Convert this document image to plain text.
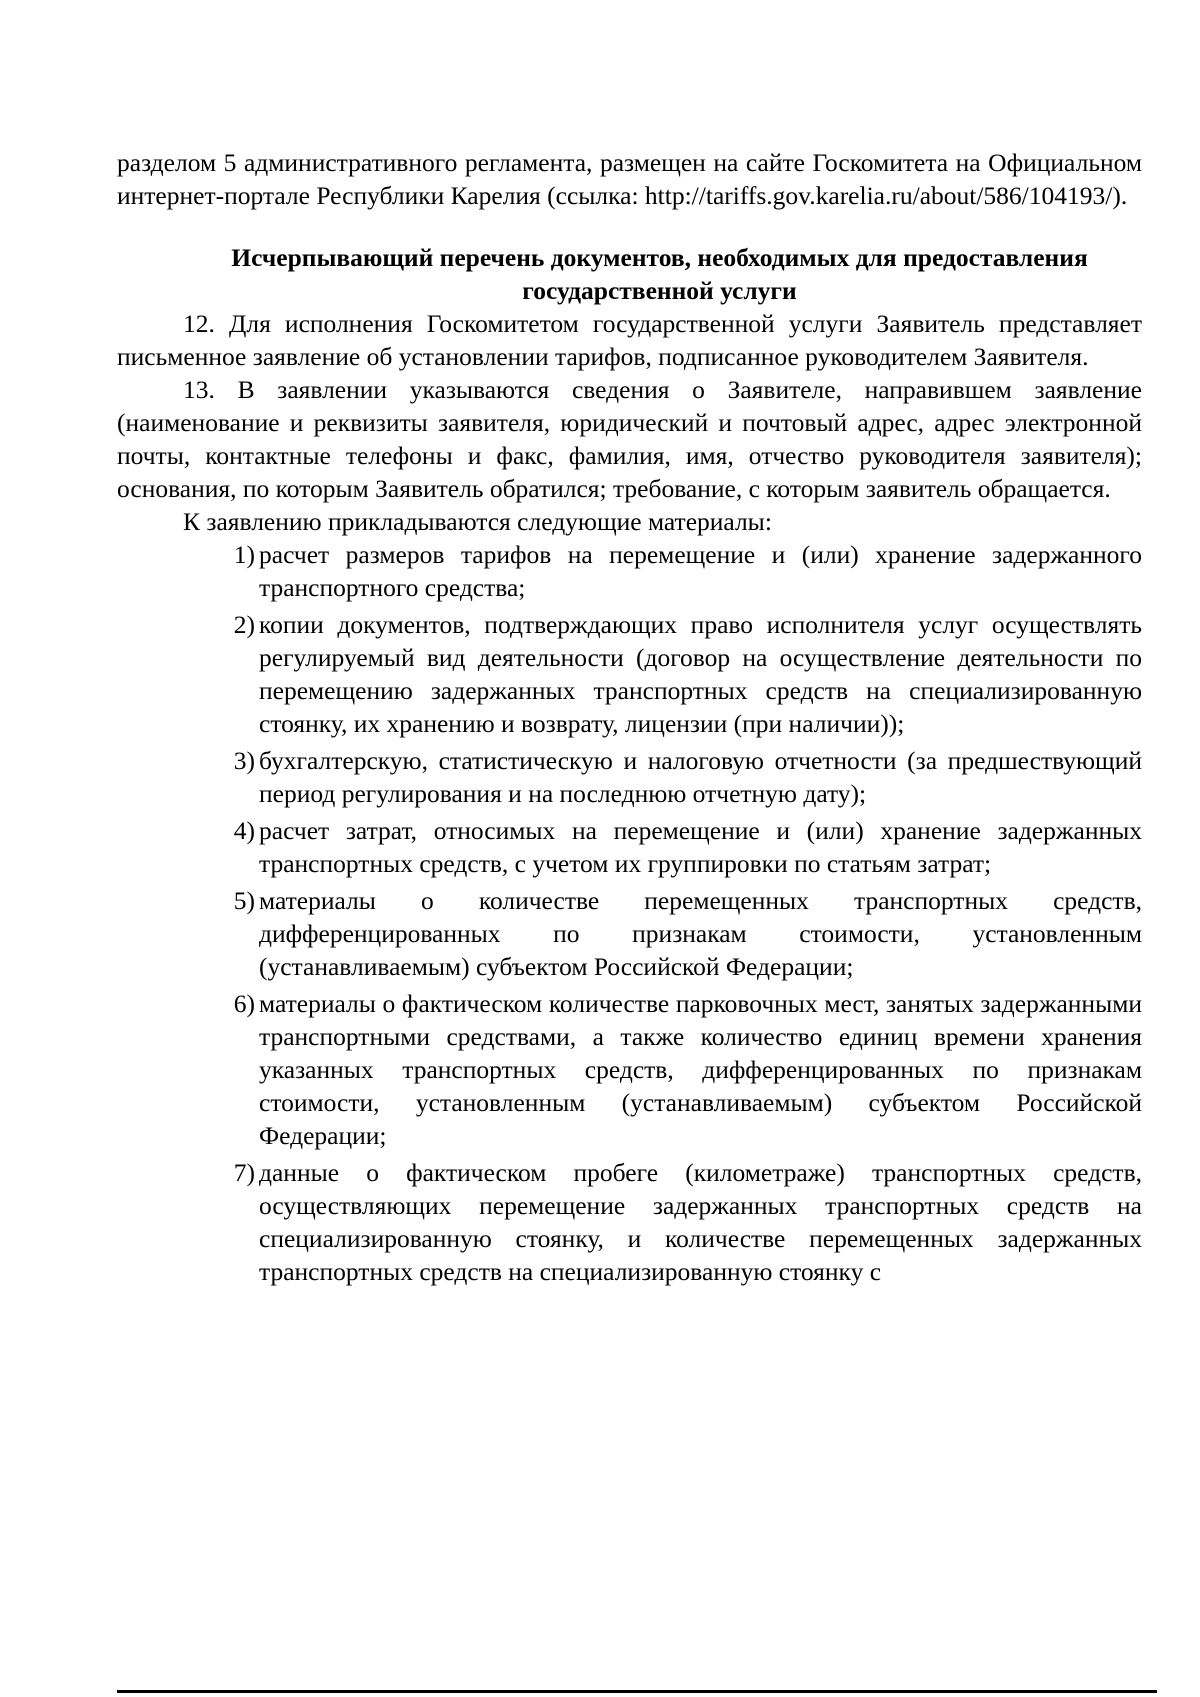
разделом 5 административного регламента, размещен на сайте Госкомитета на Официальном интернет-портале Республики Карелия (ссылка: http://tariffs.gov.karelia.ru/about/586/104193/).

Исчерпывающий перечень документов, необходимых для предоставления государственной услуги

12. Для исполнения Госкомитетом государственной услуги Заявитель представляет письменное заявление об установлении тарифов, подписанное руководителем Заявителя.

13. В заявлении указываются сведения о Заявителе, направившем заявление (наименование и реквизиты заявителя, юридический и почтовый адрес, адрес электронной почты, контактные телефоны и факс, фамилия, имя, отчество руководителя заявителя); основания, по которым Заявитель обратился; требование, с которым заявитель обращается.

К заявлению прикладываются следующие материалы:

1) расчет размеров тарифов на перемещение и (или) хранение задержанного транспортного средства;
2) копии документов, подтверждающих право исполнителя услуг осуществлять регулируемый вид деятельности (договор на осуществление деятельности по перемещению задержанных транспортных средств на специализированную стоянку, их хранению и возврату, лицензии (при наличии));
3) бухгалтерскую, статистическую и налоговую отчетности (за предшествующий период регулирования и на последнюю отчетную дату);
4) расчет затрат, относимых на перемещение и (или) хранение задержанных транспортных средств, с учетом их группировки по статьям затрат;
5) материалы о количестве перемещенных транспортных средств, дифференцированных по признакам стоимости, установленным (устанавливаемым) субъектом Российской Федерации;
6) материалы о фактическом количестве парковочных мест, занятых задержанными транспортными средствами, а также количество единиц времени хранения указанных транспортных средств, дифференцированных по признакам стоимости, установленным (устанавливаемым) субъектом Российской Федерации;
7) данные о фактическом пробеге (километраже) транспортных средств, осуществляющих перемещение задержанных транспортных средств на специализированную стоянку, и количестве перемещенных задержанных транспортных средств на специализированную стоянку с
